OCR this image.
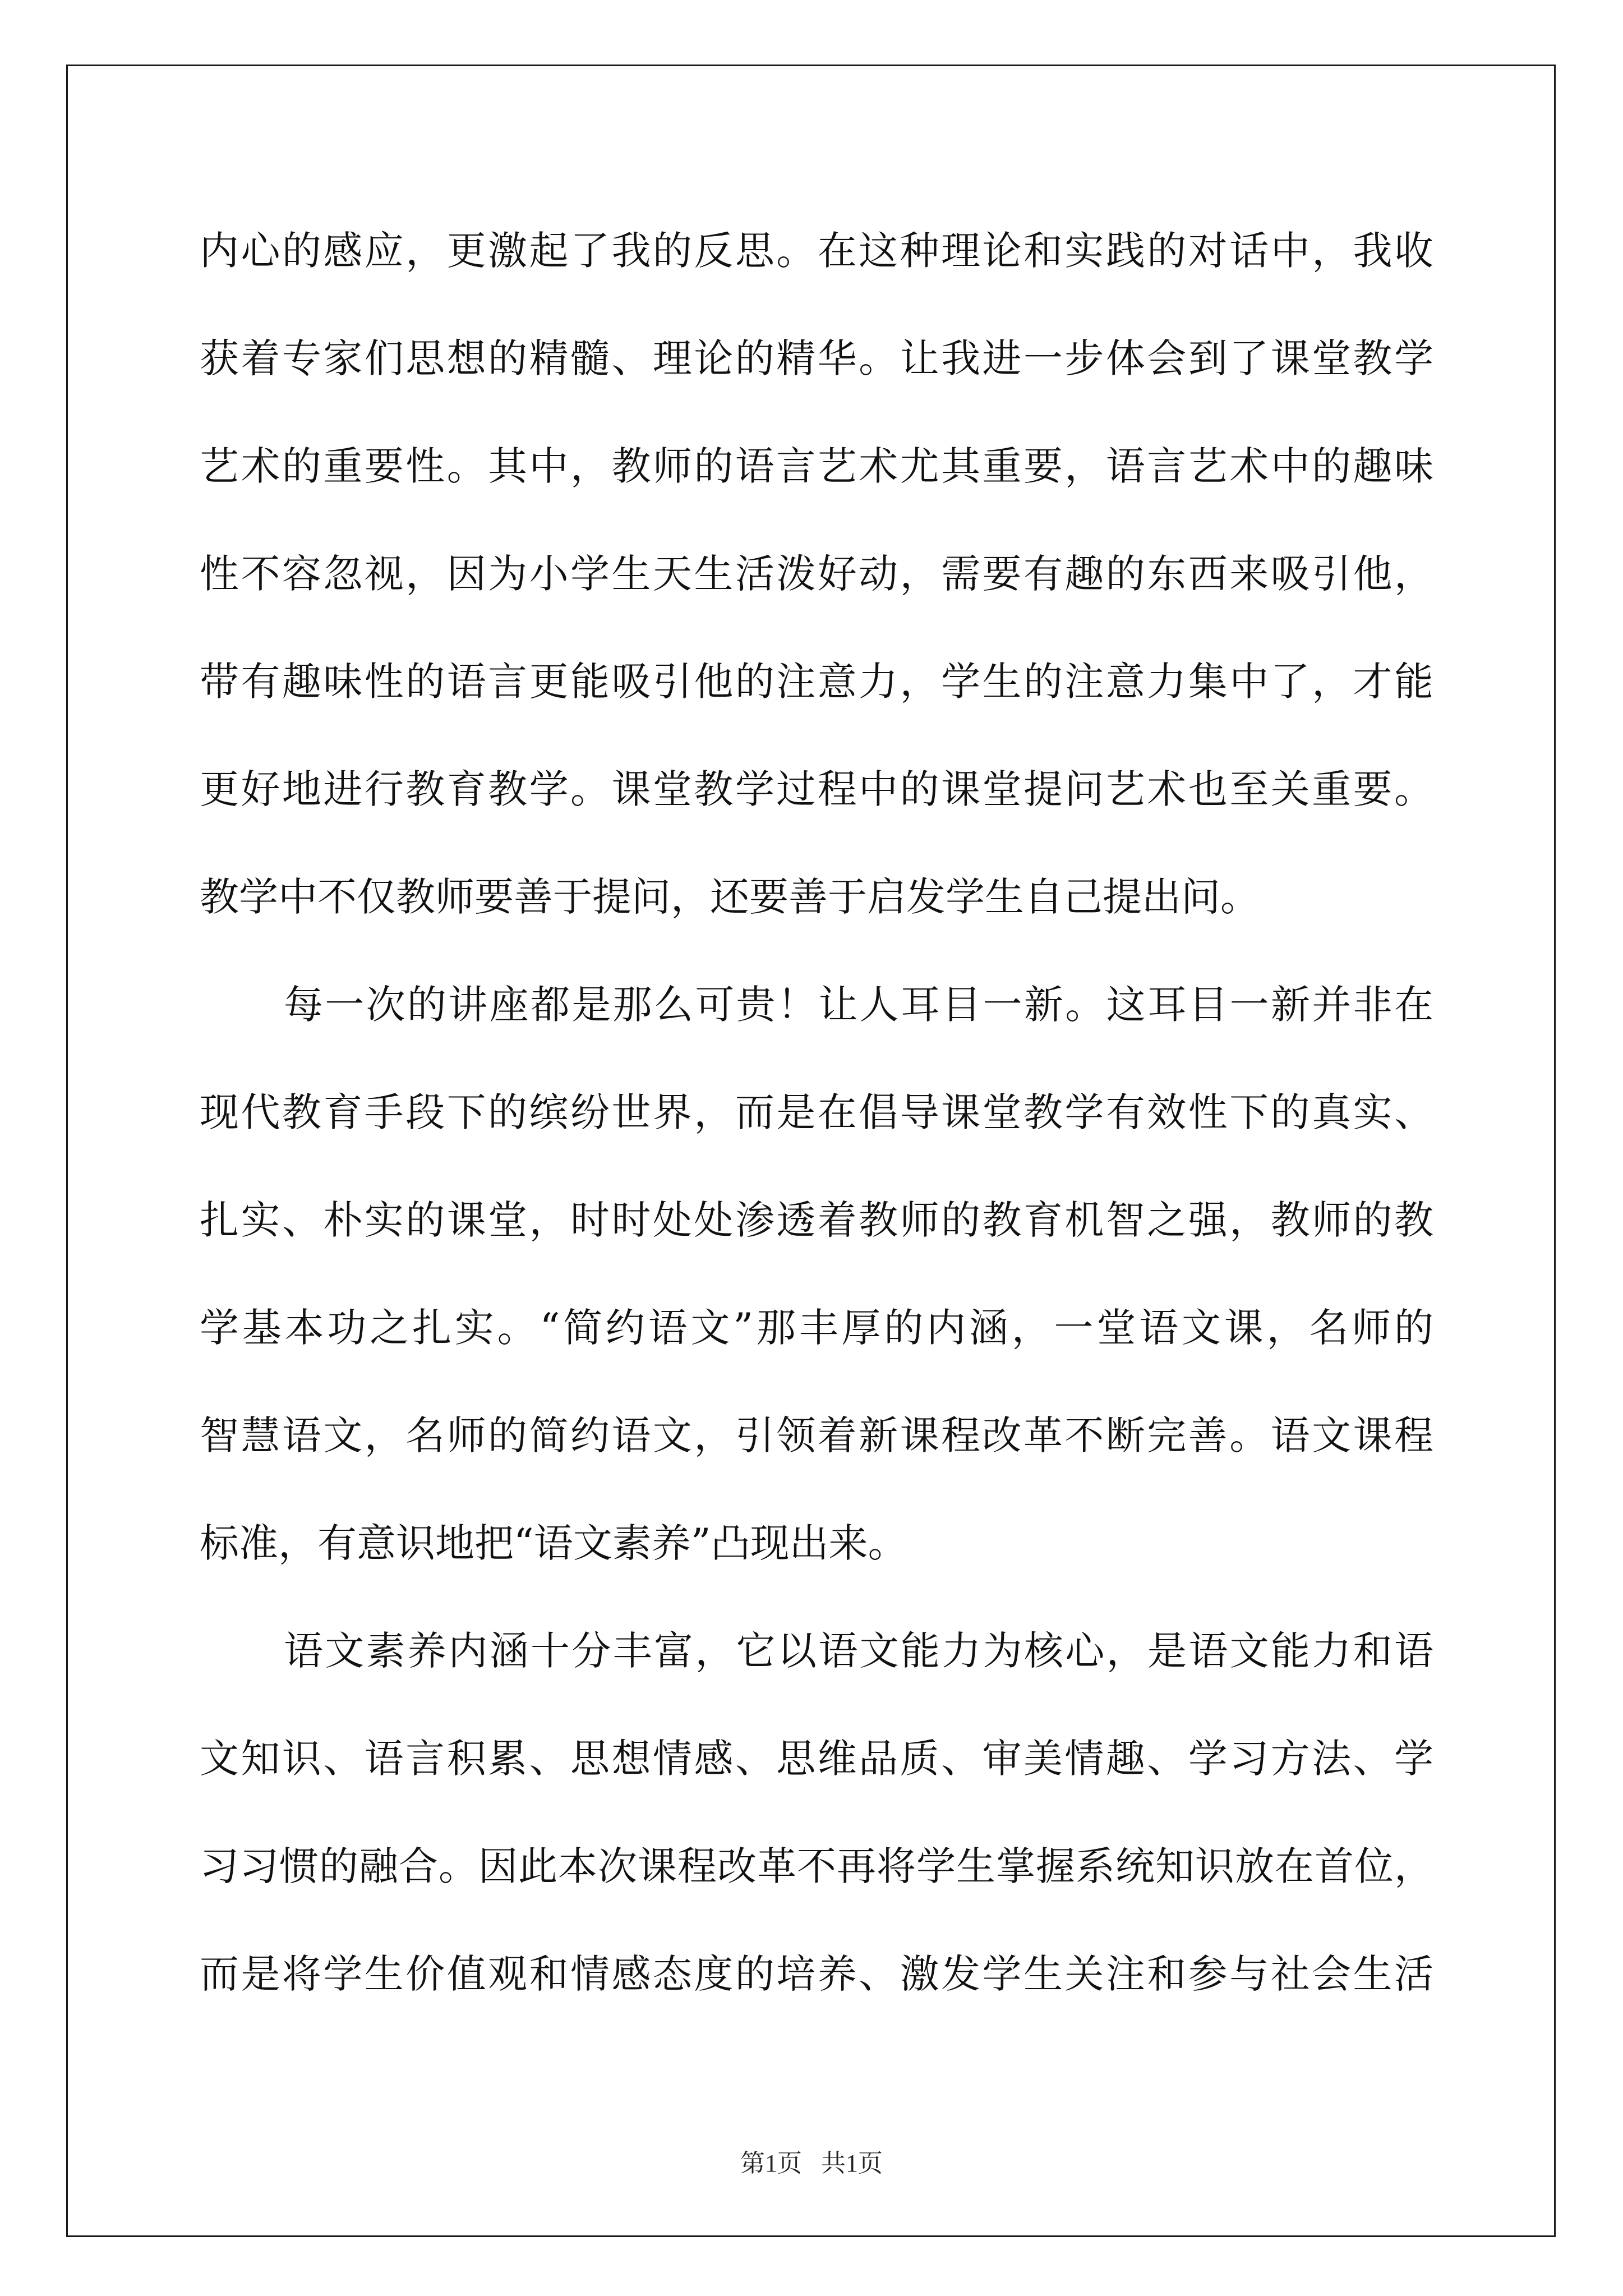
内心的感应，更激起了我的反思。在这种理论和实践的对话中，我收
获着专家们思想的精髓、理论的精华。让我进一步体会到了课堂教学
艺术的重要性。其中，教师的语言艺术尤其重要，语言艺术中的趣味
性不容忽视，因为小学生天生活泼好动，需要有趣的东西来吸引他，
带有趣味性的语言更能吸引他的注意力，学生的注意力集中了，才能
更好地进行教育教学。课堂教学过程中的课堂提问艺术也至关重要。
教学中不仅教师要善于提问，还要善于启发学生自己提出问。
每一次的讲座都是那么可贵！让人耳目一新。这耳目一新并非在
现代教育手段下的缤纷世界，而是在倡导课堂教学有效性下的真实、
扎实、朴实的课堂，时时处处渗透着教师的教育机智之强，教师的教
学基本功之扎实。“简约语文”那丰厚的内涵，一堂语文课，名师的
智慧语文，名师的简约语文，引领着新课程改革不断完善。语文课程
标准，有意识地把“语文素养”凸现出来。
语文素养内涵十分丰富，它以语文能力为核心，是语文能力和语
文知识、语言积累、思想情感、思维品质、审美情趣、学习方法、学
习习惯的融合。因此本次课程改革不再将学生掌握系统知识放在首位，
而是将学生价值观和情感态度的培养、激发学生关注和参与社会生活
第1页 共1页
